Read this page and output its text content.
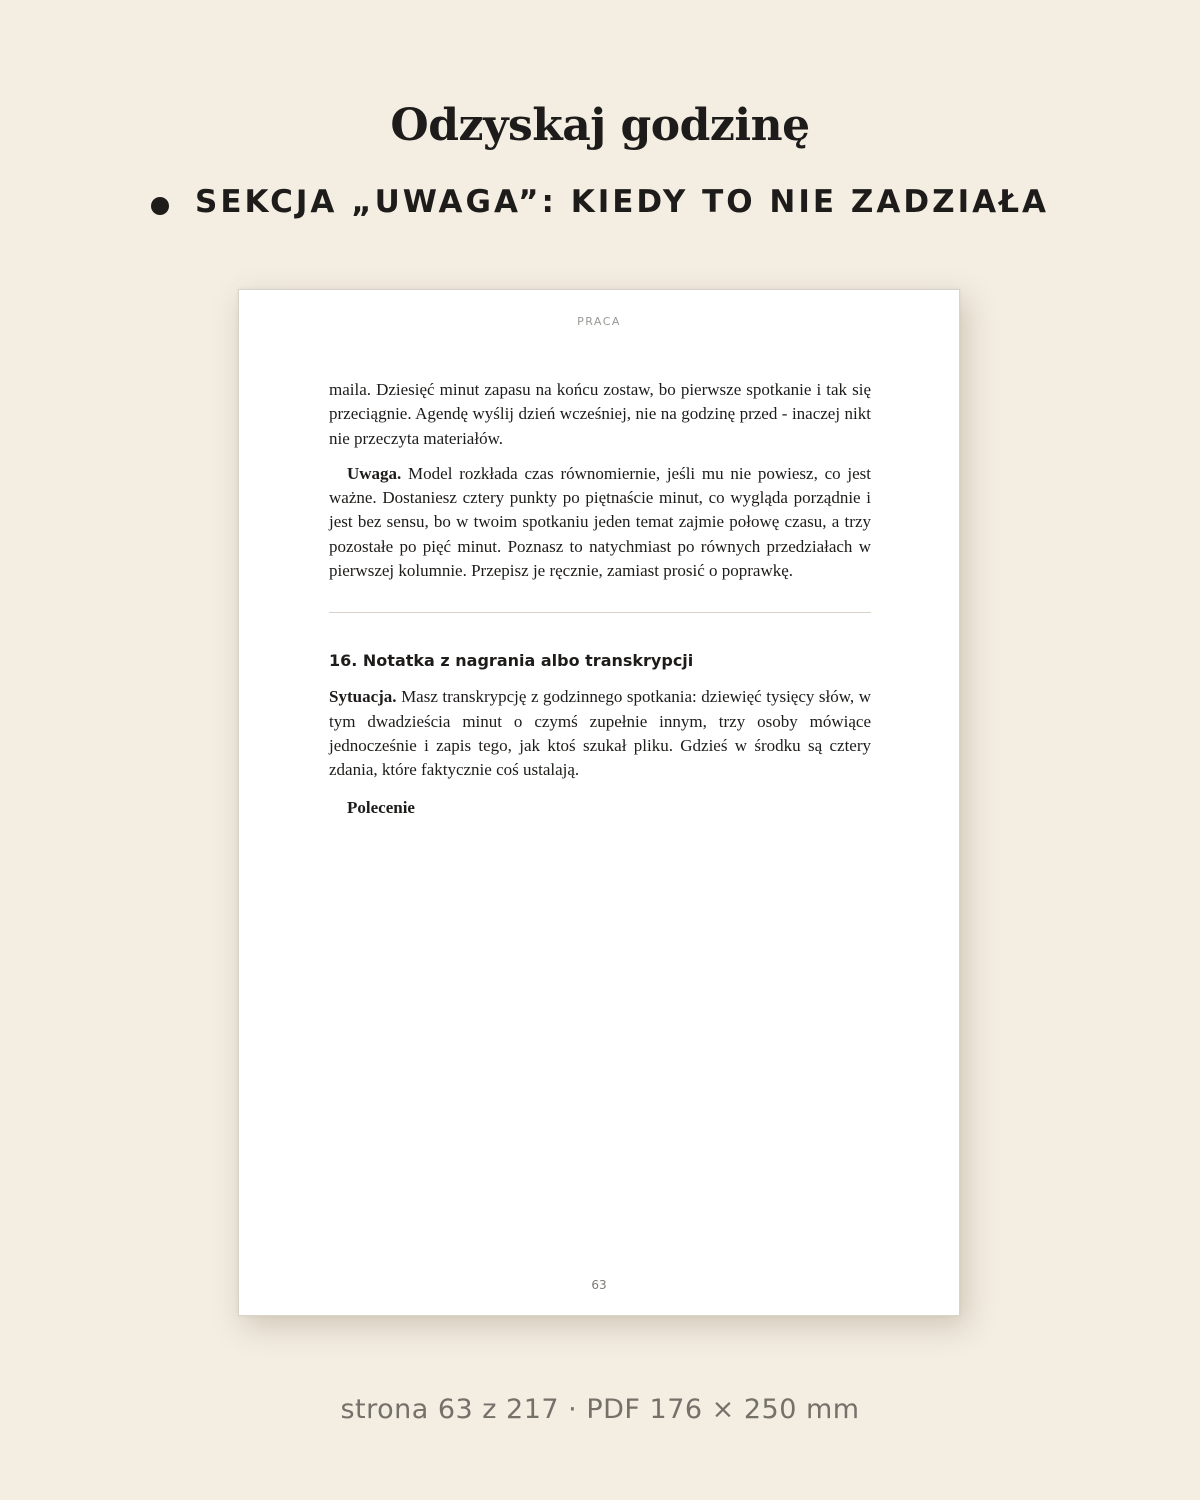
Odzyskaj godzinę
SEKCJA „UWAGA”: KIEDY TO NIE ZADZIAŁA
PRACA

maila. Dziesięć minut zapasu na końcu zostaw, bo pierwsze spotkanie i tak się przeciągnie. Agendę wyślij dzień wcześniej, nie na godzinę przed - inaczej nikt nie przeczyta materiałów.

Uwaga. Model rozkłada czas równomiernie, jeśli mu nie powiesz, co jest ważne. Dostaniesz cztery punkty po piętnaście minut, co wygląda porządnie i jest bez sensu, bo w twoim spotkaniu jeden temat zajmie połowę czasu, a trzy pozostałe po pięć minut. Poznasz to natychmiast po równych przedziałach w pierwszej kolumnie. Przepisz je ręcznie, zamiast prosić o poprawkę.

16. Notatka z nagrania albo transkrypcji

Sytuacja. Masz transkrypcję z godzinnego spotkania: dziewięć tysięcy słów, w tym dwadzieścia minut o czymś zupełnie innym, trzy osoby mówiące jednocześnie i zapis tego, jak ktoś szukał pliku. Gdzieś w środku są cztery zdania, które faktycznie coś ustalają.

Polecenie
63
strona 63 z 217 · PDF 176 × 250 mm
